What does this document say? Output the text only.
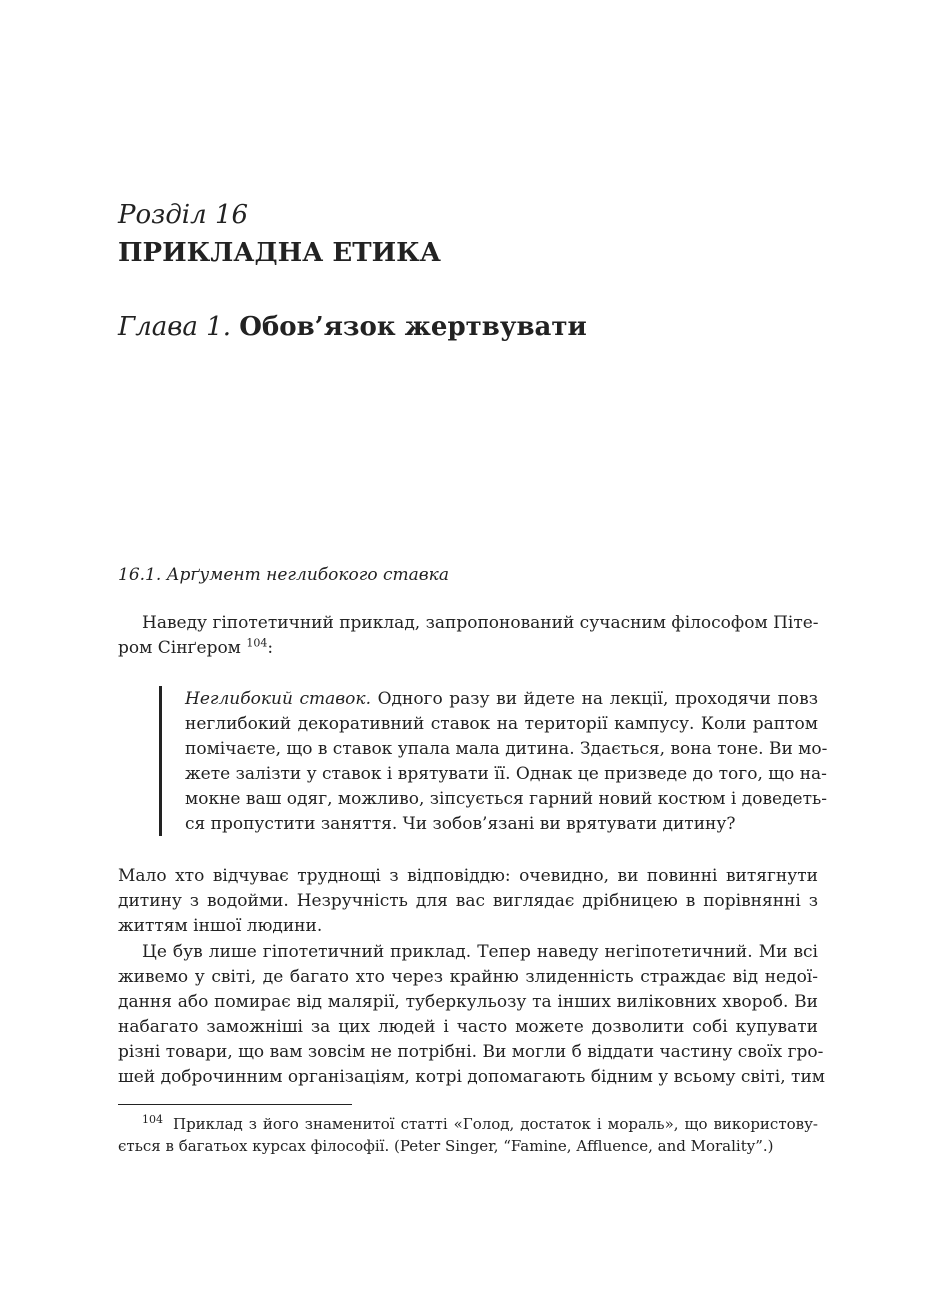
Розділ 16
ПРИКЛАДНА ЕТИКА
Глава 1. Обов’язок жертвувати
16.1. Арґумент неглибокого ставка
Наведу гіпотетичний приклад, запропонований сучасним філософом Піте-
ром Сінґером $^{104}$:
Неглибокий ставок. Одного разу ви йдете на лекції, проходячи повз
неглибокий декоративний ставок на території кампусу. Коли раптом
помічаєте, що в ставок упала мала дитина. Здається, вона тоне. Ви мо-
жете залізти у ставок і врятувати її. Однак це призведе до того, що на-
мокне ваш одяг, можливо, зіпсується гарний новий костюм і доведеть-
ся пропустити заняття. Чи зобов’язані ви врятувати дитину?
Мало хто відчуває труднощі з відповіддю: очевидно, ви повинні витягнути
дитину з водойми. Незручність для вас виглядає дрібницею в порівнянні з
життям іншої людини.
Це був лише гіпотетичний приклад. Тепер наведу негіпотетичний. Ми всі
живемо у світі, де багато хто через крайню злиденність страждає від недої-
дання або помирає від малярії, туберкульозу та інших виліковних хвороб. Ви
набагато заможніші за цих людей і часто можете дозволити собі купувати
різні товари, що вам зовсім не потрібні. Ви могли б віддати частину своїх гро-
шей доброчинним організаціям, котрі допомагають бідним у всьому світі, тим
$^{104}$ Приклад з його знаменитої статті «Голод, достаток і мораль», що використову-
ється в багатьох курсах філософії. (Peter Singer, “Famine, Affluence, and Morality”.)
